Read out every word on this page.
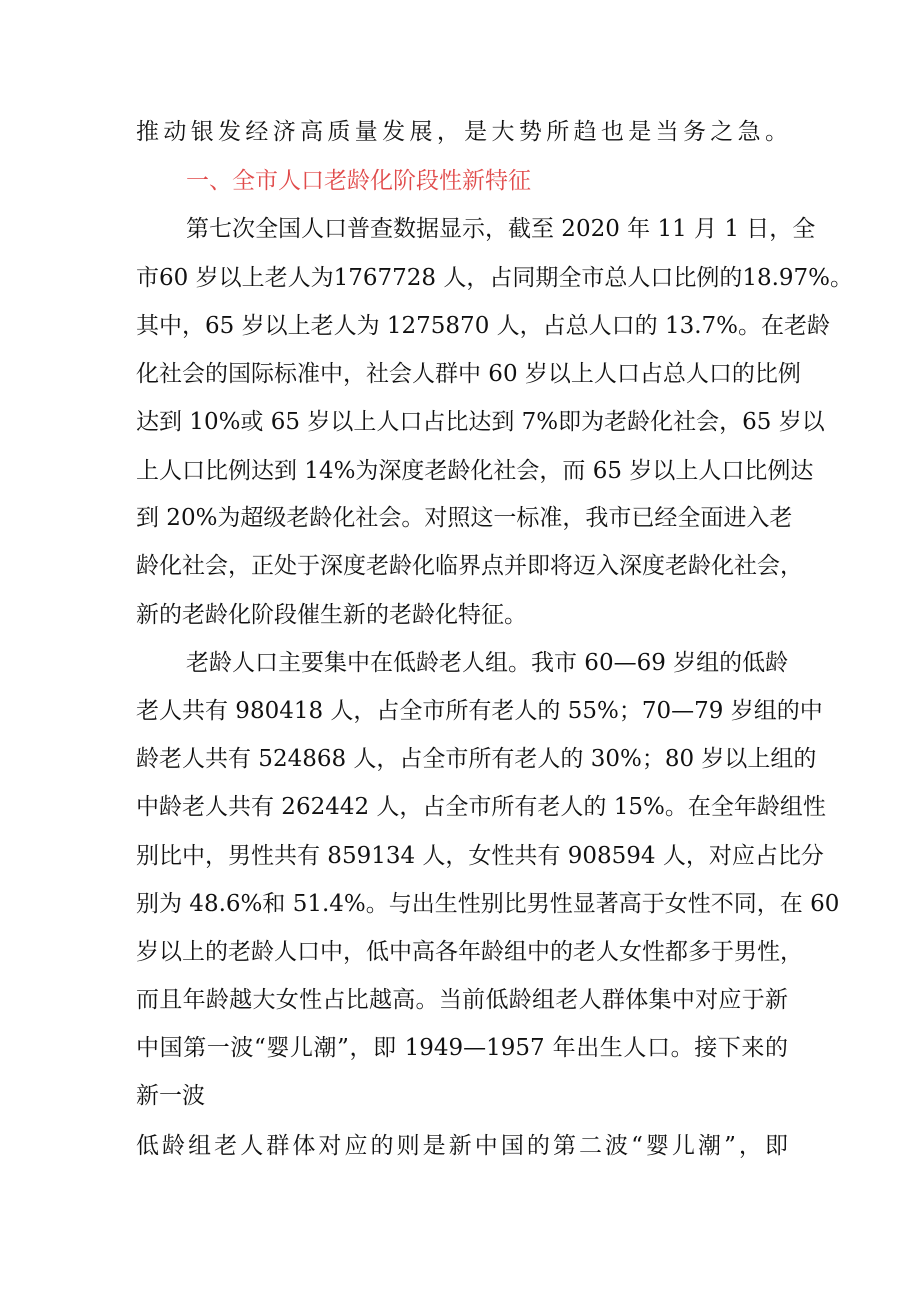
推动银发经济高质量发展，是大势所趋也是当务之急。
一、全市人口老龄化阶段性新特征
第七次全国人口普查数据显示，截至 2020 年 11 月 1 日，全
市60 岁以上老人为1767728 人，占同期全市总人口比例的18.97%。
其中，65 岁以上老人为 1275870 人，占总人口的 13.7%。在老龄
化社会的国际标准中，社会人群中 60 岁以上人口占总人口的比例
达到 10%或 65 岁以上人口占比达到 7%即为老龄化社会，65 岁以
上人口比例达到 14%为深度老龄化社会，而 65 岁以上人口比例达
到 20%为超级老龄化社会。对照这一标准，我市已经全面进入老
龄化社会，正处于深度老龄化临界点并即将迈入深度老龄化社会，
新的老龄化阶段催生新的老龄化特征。
老龄人口主要集中在低龄老人组。我市 60—69 岁组的低龄
老人共有 980418 人，占全市所有老人的 55%；70—79 岁组的中
龄老人共有 524868 人，占全市所有老人的 30%；80 岁以上组的
中龄老人共有 262442 人，占全市所有老人的 15%。在全年龄组性
别比中，男性共有 859134 人，女性共有 908594 人，对应占比分
别为 48.6%和 51.4%。与出生性别比男性显著高于女性不同，在 60
岁以上的老龄人口中，低中高各年龄组中的老人女性都多于男性，
而且年龄越大女性占比越高。当前低龄组老人群体集中对应于新
中国第一波“婴儿潮”，即 1949—1957 年出生人口。接下来的
新一波
低龄组老人群体对应的则是新中国的第二波“婴儿潮”，即
